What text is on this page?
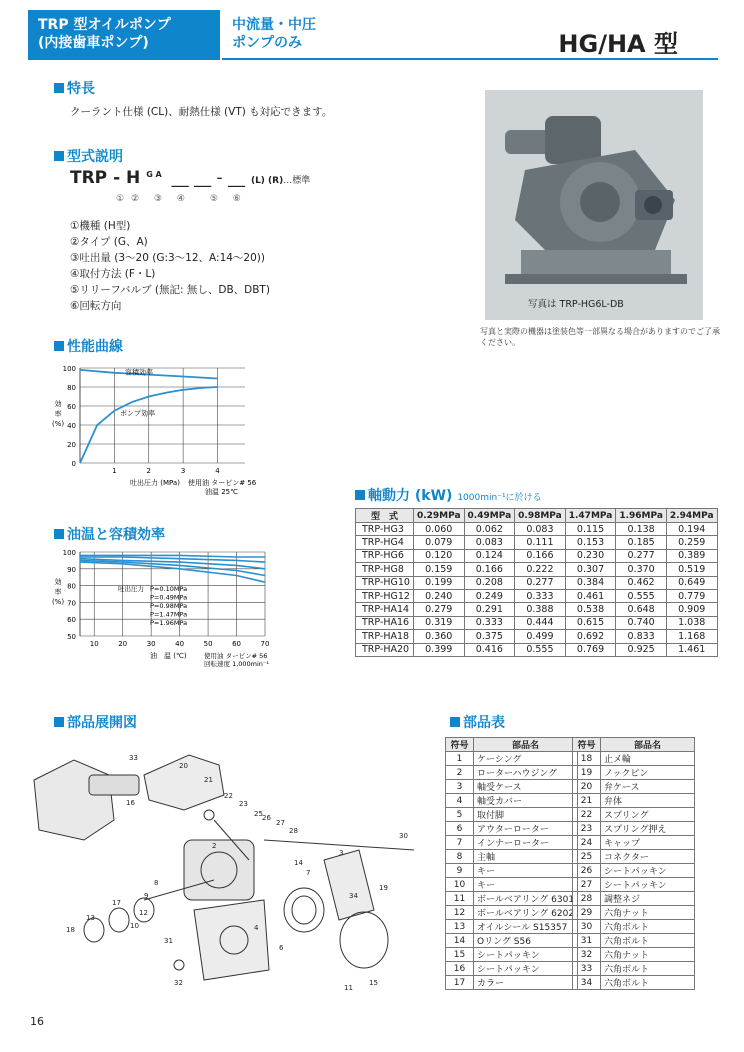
TRP 型オイルポンプ
(内接歯車ポンプ)
中流量・中圧
ポンプのみ	HG/HA 型
特長
クーラント仕様 (CL)、耐熱仕様 (VT) も対応できます。
型式説明
TRP - H $^{G A}$ __ __ - __ (L) (R)…標準
① ② ③ ④	⑤ ⑥
①機種 (H型)
②タイプ (G、A)
③吐出量 (3～20 (G:3～12、A:14～20))
④取付方法 (F・L)
⑤リリーフバルブ (無記: 無し、DB、DBT)
⑥回転方向	写真は TRP-HG6L-DB
写真と実際の機器は塗装色等一部異なる場合がありますのでご了承ください。
性能曲線
100
80
60
40
20
0
1	2	3	4
容積効率
ポンプ効率
効
率
(%)
吐出圧力 (MPa) 使用油 タービン# 56
油温 25℃
油温と容積効率
100
90
80
70
60
50
10	20	30	40	50	60	70
吐出圧力 P=0.10MPa
P=0.49MPa
P=0.98MPa
P=1.47MPa
P=1.96MPa
効
率
(%)
油　温 (℃)	使用油 タービン# 56
回転速度 1,000min⁻¹
軸動力 (kW) 1000min⁻¹に於ける
型　式	0.29MPa	0.49MPa	0.98MPa	1.47MPa	1.96MPa	2.94MPa
TRP-HG3	0.060	0.062	0.083	0.115	0.138	0.194
TRP-HG4	0.079	0.083	0.111	0.153	0.185	0.259
TRP-HG6	0.120	0.124	0.166	0.230	0.277	0.389
TRP-HG8	0.159	0.166	0.222	0.307	0.370	0.519
TRP-HG10	0.199	0.208	0.277	0.384	0.462	0.649
TRP-HG12	0.240	0.249	0.333	0.461	0.555	0.779
TRP-HA14	0.279	0.291	0.388	0.538	0.648	0.909
TRP-HA16	0.319	0.333	0.444	0.615	0.740	1.038
TRP-HA18	0.360	0.375	0.499	0.692	0.833	1.168
TRP-HA20	0.399	0.416	0.555	0.769	0.925	1.461
部品展開図
33
20
21
16
22
23
25
27
26
28
30
14
3
19
34
8
9
12
10
17
13
18
31
32
11
15
2
4
6
7
部品表
符号	部品名
1	ケーシング
2	ローターハウジング
3	軸受ケース
4	軸受カバー
5	取付脚
6	アウターローター
7	インナーローター
8	主軸
9	キー
10	キー
11	ボールベアリング 6301
12	ボールベアリング 6202
13	オイルシール S15357
14	Oリング S56
15	シートパッキン
16	シートパッキン
17	カラー
符号	部品名
18	止メ輪
19	ノックピン
20	弁ケース
21	弁体
22	スプリング
23	スプリング押え
24	キャップ
25	コネクター
26	シートパッキン
27	シートパッキン
28	調整ネジ
29	六角ナット
30	六角ボルト
31	六角ボルト
32	六角ナット
33	六角ボルト
34	六角ボルト
16
